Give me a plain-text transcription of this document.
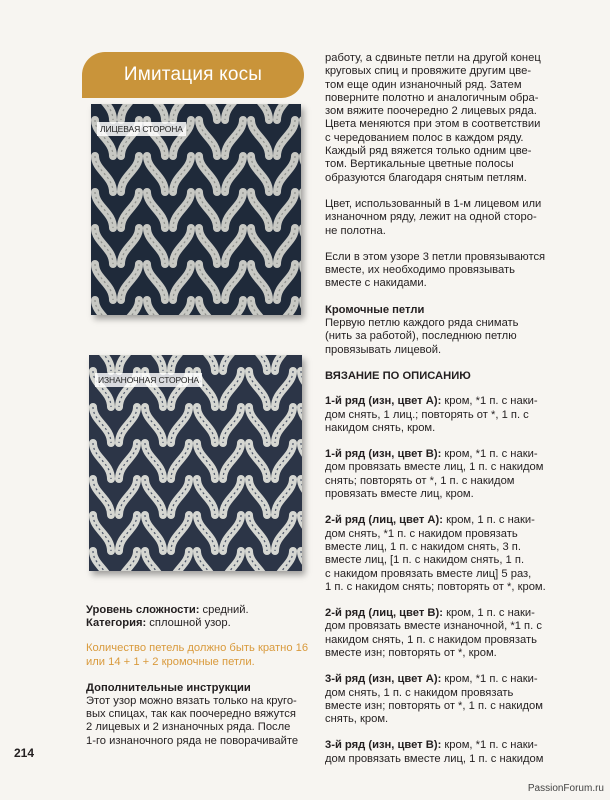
Имитация косы
ЛИЦЕВАЯ СТОРОНА
ИЗНАНОЧНАЯ СТОРОНА

Уровень сложности: средний.

Категория: сплошной узор.

Количество петель должно быть кратно 16
или 14 + 1 + 2 кромочные петли.

Дополнительные инструкции
Этот узор можно вязать только на круго-
вых спицах, так как поочередно вяжутся
2 лицевых и 2 изнаночных ряда. После
1-го изнаночного ряда не поворачивайте

работу, а сдвиньте петли на другой конец
круговых спиц и провяжите другим цве-
том еще один изнаночный ряд. Затем
поверните полотно и аналогичным обра-
зом вяжите поочередно 2 лицевых ряда.
Цвета меняются при этом в соответствии
с чередованием полос в каждом ряду.
Каждый ряд вяжется только одним цве-
том. Вертикальные цветные полосы
образуются благодаря снятым петлям.

Цвет, использованный в 1-м лицевом или
изнаночном ряду, лежит на одной сторо-
не полотна.

Если в этом узоре 3 петли провязываются
вместе, их необходимо провязывать
вместе с накидами.

Кромочные петли
Первую петлю каждого ряда снимать
(нить за работой), последнюю петлю
провязывать лицевой.

ВЯЗАНИЕ ПО ОПИСАНИЮ

1-й ряд (изн, цвет А): кром, *1 п. с наки-
дом снять, 1 лиц.; повторять от *, 1 п. с
накидом снять, кром.

1-й ряд (изн, цвет В): кром, *1 п. с наки-
дом провязать вместе лиц, 1 п. с накидом
снять; повторять от *, 1 п. с накидом
провязать вместе лиц, кром.

2-й ряд (лиц, цвет А): кром, 1 п. с наки-
дом снять, *1 п. с накидом провязать
вместе лиц, 1 п. с накидом снять, 3 п.
вместе лиц, [1 п. с накидом снять, 1 п.
с накидом провязать вместе лиц] 5 раз,
1 п. с накидом снять; повторять от *, кром.

2-й ряд (лиц, цвет В): кром, 1 п. с наки-
дом провязать вместе изнаночной, *1 п. с
накидом снять, 1 п. с накидом провязать
вместе изн; повторять от *, кром.

3-й ряд (изн, цвет А): кром, *1 п. с наки-
дом снять, 1 п. с накидом провязать
вместе изн; повторять от *, 1 п. с накидом
снять, кром.

3-й ряд (изн, цвет В): кром, *1 п. с наки-
дом провязать вместе лиц, 1 п. с накидом

214
PassionForum.ru
